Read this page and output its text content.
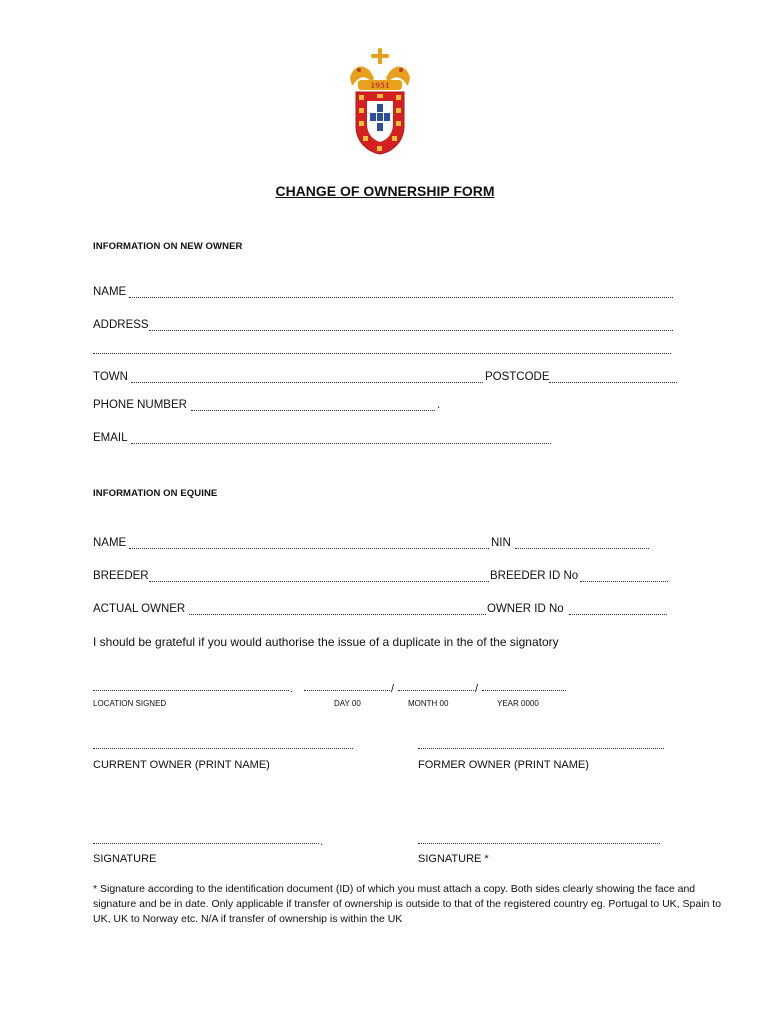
1951
CHANGE OF OWNERSHIP FORM
INFORMATION ON NEW OWNER
NAME
ADDRESS
TOWN	POSTCODE
PHONE NUMBER	.
EMAIL
INFORMATION ON EQUINE
NAME	NIN
BREEDER	BREEDER ID No
ACTUAL OWNER	OWNER ID No
I should be grateful if you would authorise the issue of a duplicate in the of the signatory
.	/	/
LOCATION SIGNED	DAY 00	MONTH 00	YEAR 0000
CURRENT OWNER (PRINT NAME)	FORMER OWNER (PRINT NAME)
.
SIGNATURE	SIGNATURE *
* Signature according to the identification document (ID) of which you must attach a copy. Both sides clearly showing the face and signature and be in date. Only applicable if transfer of ownership is outside to that of the registered country eg. Portugal to UK, Spain to UK, UK to Norway etc. N/A if transfer of ownership is within the UK
